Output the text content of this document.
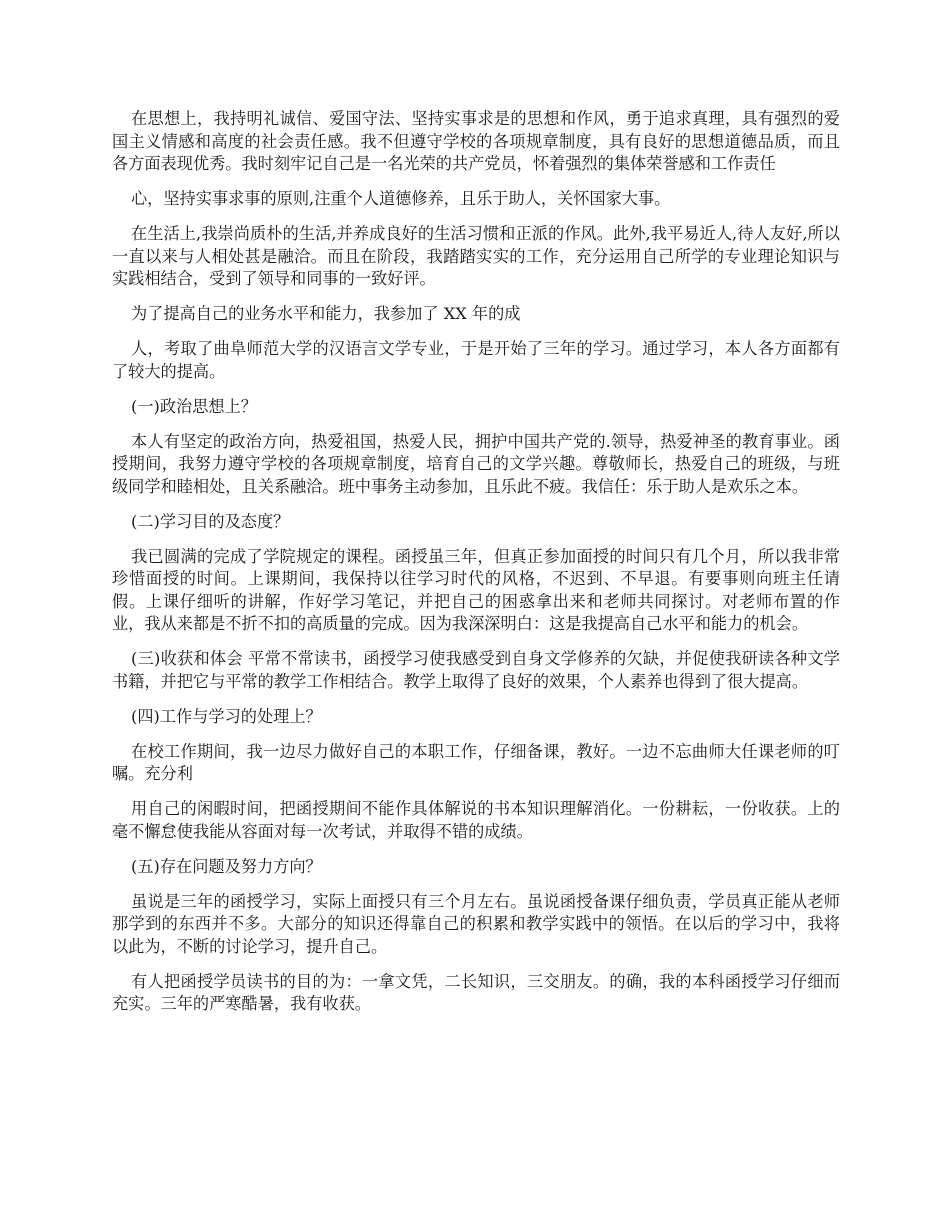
在思想上，我持明礼诚信、爱国守法、坚持实事求是的思想和作风，勇于追求真理，具有强烈的爱国主义情感和高度的社会责任感。我不但遵守学校的各项规章制度，具有良好的思想道德品质，而且各方面表现优秀。我时刻牢记自己是一名光荣的共产党员，怀着强烈的集体荣誉感和工作责任

心，坚持实事求事的原则,注重个人道德修养，且乐于助人，关怀国家大事。

在生活上,我崇尚质朴的生活,并养成良好的生活习惯和正派的作风。此外,我平易近人,待人友好,所以一直以来与人相处甚是融洽。而且在阶段，我踏踏实实的工作，充分运用自己所学的专业理论知识与实践相结合，受到了领导和同事的一致好评。

为了提高自己的业务水平和能力，我参加了 XX 年的成

人，考取了曲阜师范大学的汉语言文学专业，于是开始了三年的学习。通过学习，本人各方面都有了较大的提高。

(一)政治思想上？

本人有坚定的政治方向，热爱祖国，热爱人民，拥护中国共产党的.领导，热爱神圣的教育事业。函授期间，我努力遵守学校的各项规章制度，培育自己的文学兴趣。尊敬师长，热爱自己的班级，与班级同学和睦相处，且关系融洽。班中事务主动参加，且乐此不疲。我信任：乐于助人是欢乐之本。

(二)学习目的及态度？

我已圆满的完成了学院规定的课程。函授虽三年，但真正参加面授的时间只有几个月，所以我非常珍惜面授的时间。上课期间，我保持以往学习时代的风格，不迟到、不早退。有要事则向班主任请假。上课仔细听的讲解，作好学习笔记，并把自己的困惑拿出来和老师共同探讨。对老师布置的作业，我从来都是不折不扣的高质量的完成。因为我深深明白：这是我提高自己水平和能力的机会。

(三)收获和体会 平常不常读书，函授学习使我感受到自身文学修养的欠缺，并促使我研读各种文学书籍，并把它与平常的教学工作相结合。教学上取得了良好的效果，个人素养也得到了很大提高。

(四)工作与学习的处理上？

在校工作期间，我一边尽力做好自己的本职工作，仔细备课，教好。一边不忘曲师大任课老师的叮嘱。充分利

用自己的闲暇时间，把函授期间不能作具体解说的书本知识理解消化。一份耕耘，一份收获。上的毫不懈怠使我能从容面对每一次考试，并取得不错的成绩。

(五)存在问题及努力方向？

虽说是三年的函授学习，实际上面授只有三个月左右。虽说函授备课仔细负责，学员真正能从老师那学到的东西并不多。大部分的知识还得靠自己的积累和教学实践中的领悟。在以后的学习中，我将以此为，不断的讨论学习，提升自己。

有人把函授学员读书的目的为：一拿文凭，二长知识，三交朋友。的确，我的本科函授学习仔细而充实。三年的严寒酷暑，我有收获。
